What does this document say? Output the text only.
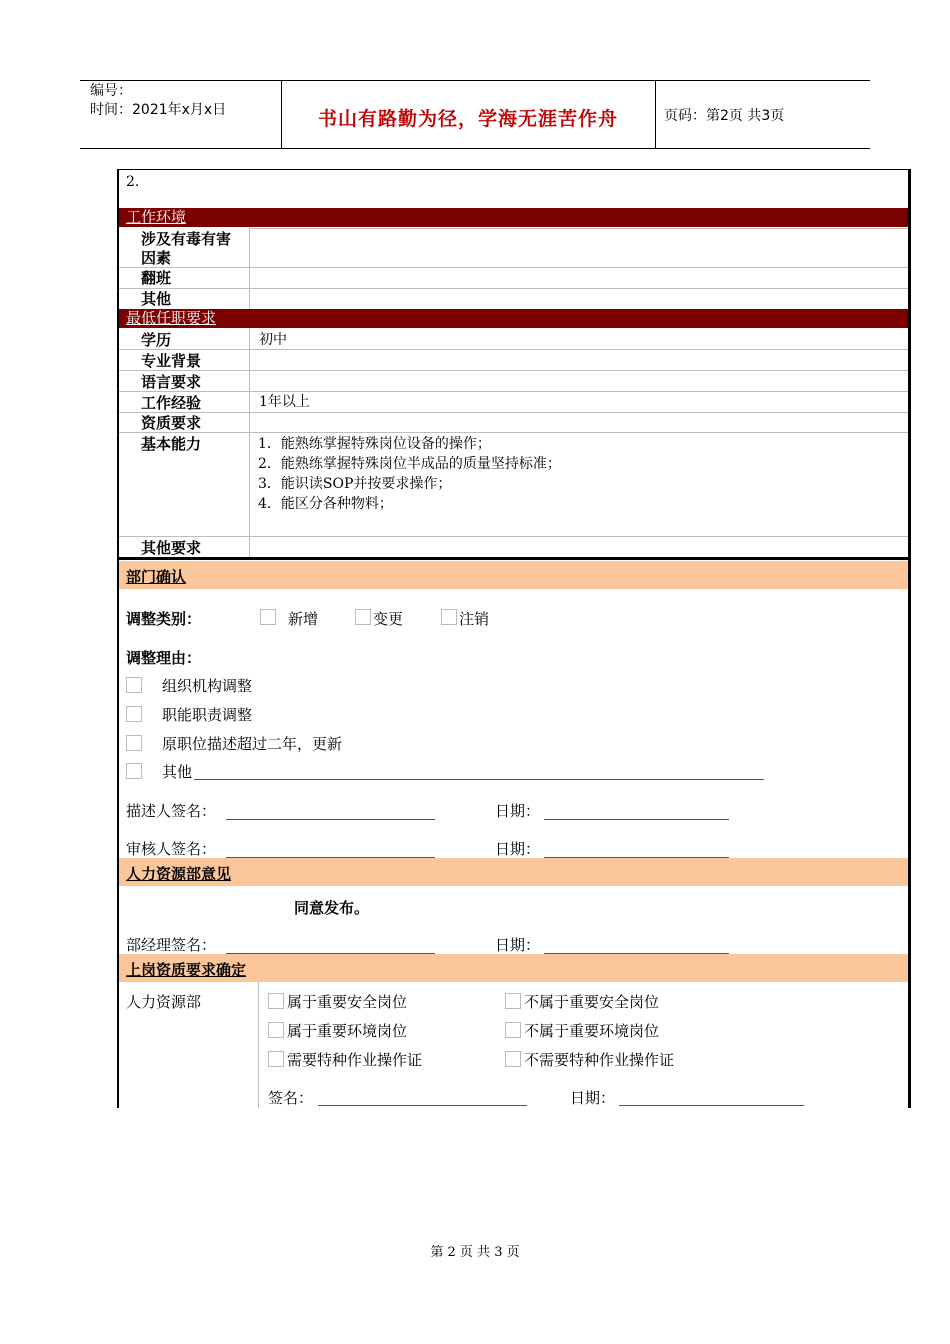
编号：
时间：2021年x月x日	书山有路勤为径，学海无涯苦作舟	页码：第2页 共3页
2.
工作环境
涉及有毒有害
因素
翻班
其他
最低任职要求
学历	初中
专业背景
语言要求
工作经验	1年以上
资质要求
基本能力	1．能熟练掌握特殊岗位设备的操作；
2．能熟练掌握特殊岗位半成品的质量坚持标准；
3．能识读SOP并按要求操作；
4．能区分各种物料；
其他要求
部门确认
调整类别：	新增	变更	注销
调整理由：
组织机构调整
职能职责调整
原职位描述超过二年，更新
其他
描述人签名：	日期：
审核人签名：	日期：
人力资源部意见
同意发布。
部经理签名：	日期：
上岗资质要求确定
人力资源部	属于重要安全岗位	不属于重要安全岗位
属于重要环境岗位	不属于重要环境岗位
需要特种作业操作证	不需要特种作业操作证
签名：	日期：
第 2 页 共 3 页
